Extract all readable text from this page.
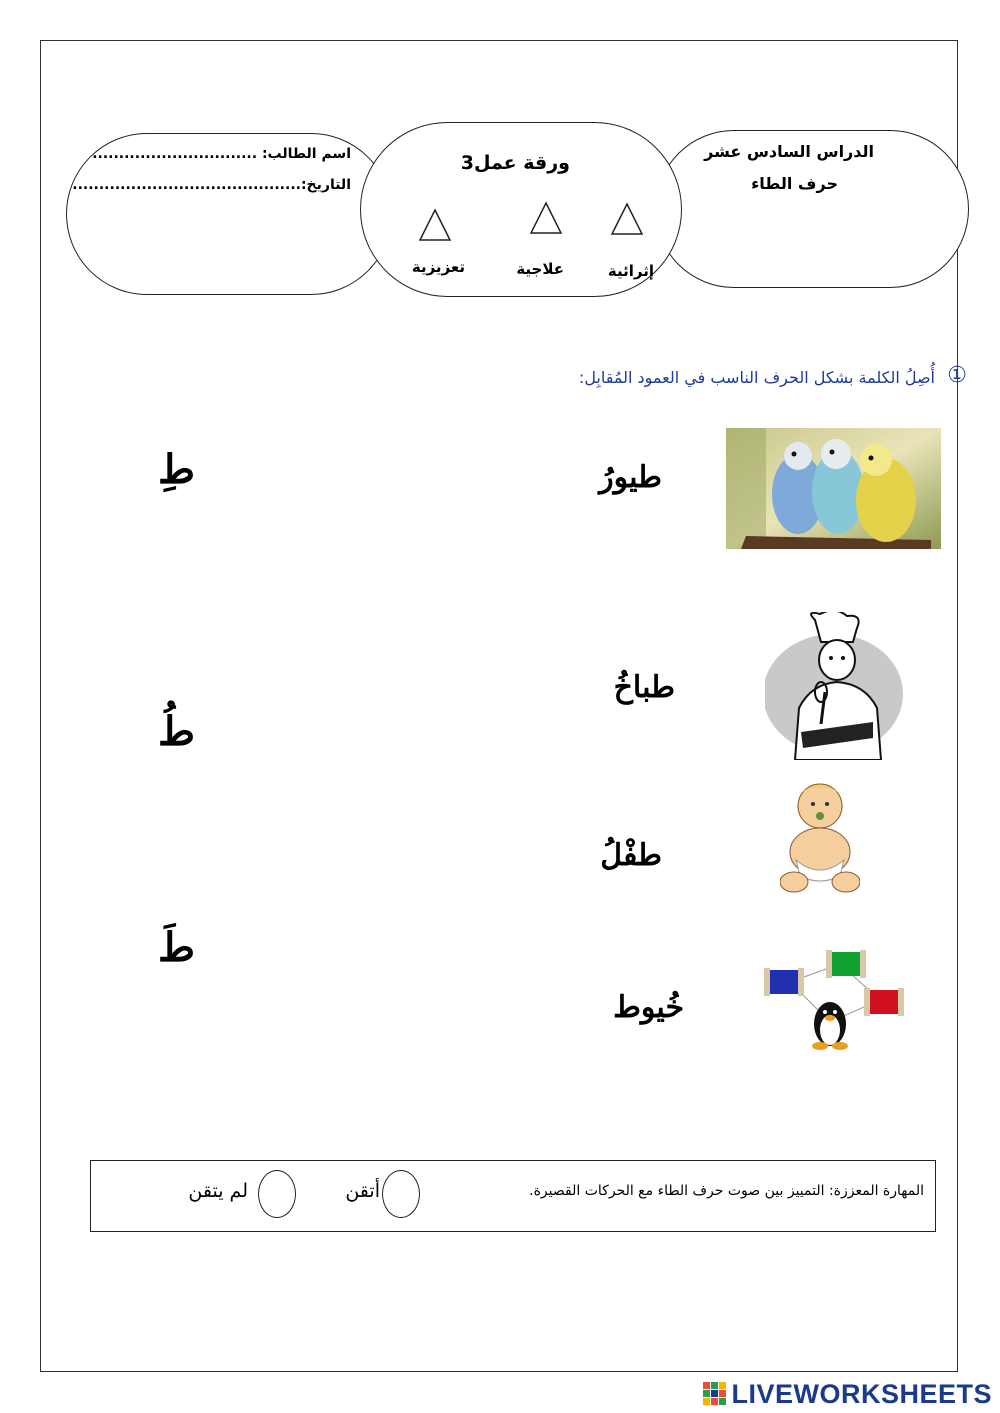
الدراس السادس عشر
حرف الطاء
ورقة عمل3
إثرائية
علاجية
تعزيزية
اسم الطالب: ...............................
التاريخ:...........................................
①
أُصِلُ الكلمة بشكل الحرف الناسب في العمود المُقابِل:
طيورُ
طباخُ
طفْلُ
خُيوط
طِ
طُ
طَ
المهارة المعززة: التمييز بين صوت حرف الطاء مع الحركات القصيرة.
أتقن
لم يتقن
LIVEWORKSHEETS
